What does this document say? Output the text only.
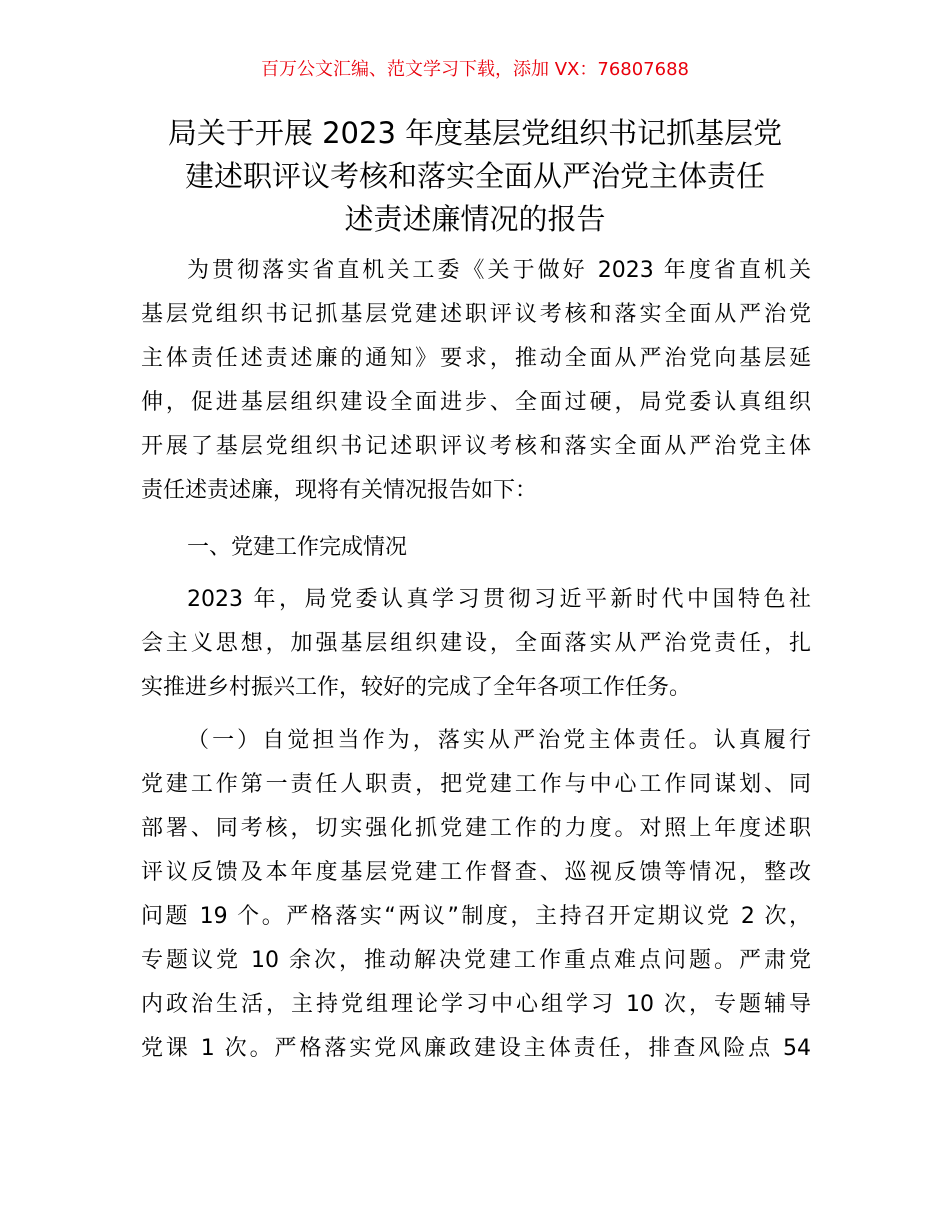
百万公文汇编、范文学习下载，添加 VX：76807688
局关于开展 2023 年度基层党组织书记抓基层党
建述职评议考核和落实全面从严治党主体责任
述责述廉情况的报告
为贯彻落实省直机关工委《关于做好 2023 年度省直机关
基层党组织书记抓基层党建述职评议考核和落实全面从严治党
主体责任述责述廉的通知》要求，推动全面从严治党向基层延
伸，促进基层组织建设全面进步、全面过硬，局党委认真组织
开展了基层党组织书记述职评议考核和落实全面从严治党主体
责任述责述廉，现将有关情况报告如下：
一、党建工作完成情况
2023 年，局党委认真学习贯彻习近平新时代中国特色社
会主义思想，加强基层组织建设，全面落实从严治党责任，扎
实推进乡村振兴工作，较好的完成了全年各项工作任务。
（一）自觉担当作为，落实从严治党主体责任。认真履行
党建工作第一责任人职责，把党建工作与中心工作同谋划、同
部署、同考核，切实强化抓党建工作的力度。对照上年度述职
评议反馈及本年度基层党建工作督查、巡视反馈等情况，整改
问题 19 个。严格落实“两议”制度，主持召开定期议党 2 次，
专题议党 10 余次，推动解决党建工作重点难点问题。严肃党
内政治生活，主持党组理论学习中心组学习 10 次，专题辅导
党课 1 次。严格落实党风廉政建设主体责任，排查风险点 54
